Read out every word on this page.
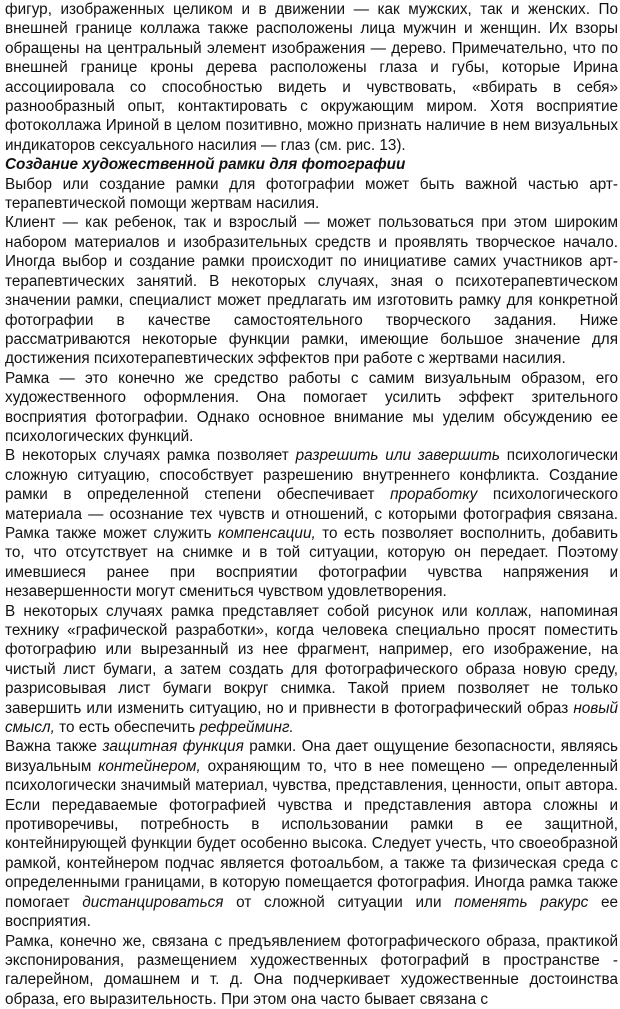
фигур, изображенных целиком и в движении — как мужских, так и женских. По внешней границе коллажа также расположены лица мужчин и женщин. Их взоры обращены на центральный элемент изображения — дерево. Примечательно, что по внешней границе кроны дерева расположены глаза и губы, которые Ирина ассоциировала со способностью видеть и чувствовать, «вбирать в себя» разнообразный опыт, контактировать с окружающим миром. Хотя восприятие фотоколлажа Ириной в целом позитивно, можно признать наличие в нем визуальных индикаторов сексуального насилия — глаз (см. рис. 13).

Создание художественной рамки для фотографии

Выбор или создание рамки для фотографии может быть важной частью арт-терапевтической помощи жертвам насилия.

Клиент — как ребенок, так и взрослый — может пользоваться при этом широким набором материалов и изобразительных средств и проявлять творческое начало. Иногда выбор и создание рамки происходит по инициативе самих участников арт-терапевтических занятий. В некоторых случаях, зная о психотерапевтическом значении рамки, специалист может предлагать им изготовить рамку для конкретной фотографии в качестве самостоятельного творческого задания. Ниже рассматриваются некоторые функции рамки, имеющие большое значение для достижения психотерапевтических эффектов при работе с жертвами насилия.

Рамка — это конечно же средство работы с самим визуальным образом, его художественного оформления. Она помогает усилить эффект зрительного восприятия фотографии. Однако основное внимание мы уделим обсуждению ее психологических функций.

В некоторых случаях рамка позволяет разрешить или завершить психологически сложную ситуацию, способствует разрешению внутреннего конфликта. Создание рамки в определенной степени обеспечивает проработку психологического материала — осознание тех чувств и отношений, с которыми фотография связана. Рамка также может служить компенсации, то есть позволяет восполнить, добавить то, что отсутствует на снимке и в той ситуации, которую он передает. Поэтому имевшиеся ранее при восприятии фотографии чувства напряжения и незавершенности могут смениться чувством удовлетворения.

В некоторых случаях рамка представляет собой рисунок или коллаж, напоминая технику «графической разработки», когда человека специально просят поместить фотографию или вырезанный из нее фрагмент, например, его изображение, на чистый лист бумаги, а затем создать для фотографического образа новую среду, разрисовывая лист бумаги вокруг снимка. Такой прием позволяет не только завершить или изменить ситуацию, но и привнести в фотографический образ новый смысл, то есть обеспечить рефрейминг.

Важна также защитная функция рамки. Она дает ощущение безопасности, являясь визуальным контейнером, охраняющим то, что в нее помещено — определенный психологически значимый материал, чувства, представления, ценности, опыт автора. Если передаваемые фотографией чувства и представления автора сложны и противоречивы, потребность в использовании рамки в ее защитной, контейнирующей функции будет особенно высока. Следует учесть, что своеобразной рамкой, контейнером подчас является фотоальбом, а также та физическая среда с определенными границами, в которую помещается фотография. Иногда рамка также помогает дистанцироваться от сложной ситуации или поменять ракурс ее восприятия.

Рамка, конечно же, связана с предъявлением фотографического образа, практикой экспонирования, размещением художественных фотографий в пространстве - галерейном, домашнем и т. д. Она подчеркивает художественные достоинства образа, его выразительность. При этом она часто бывает связана с
